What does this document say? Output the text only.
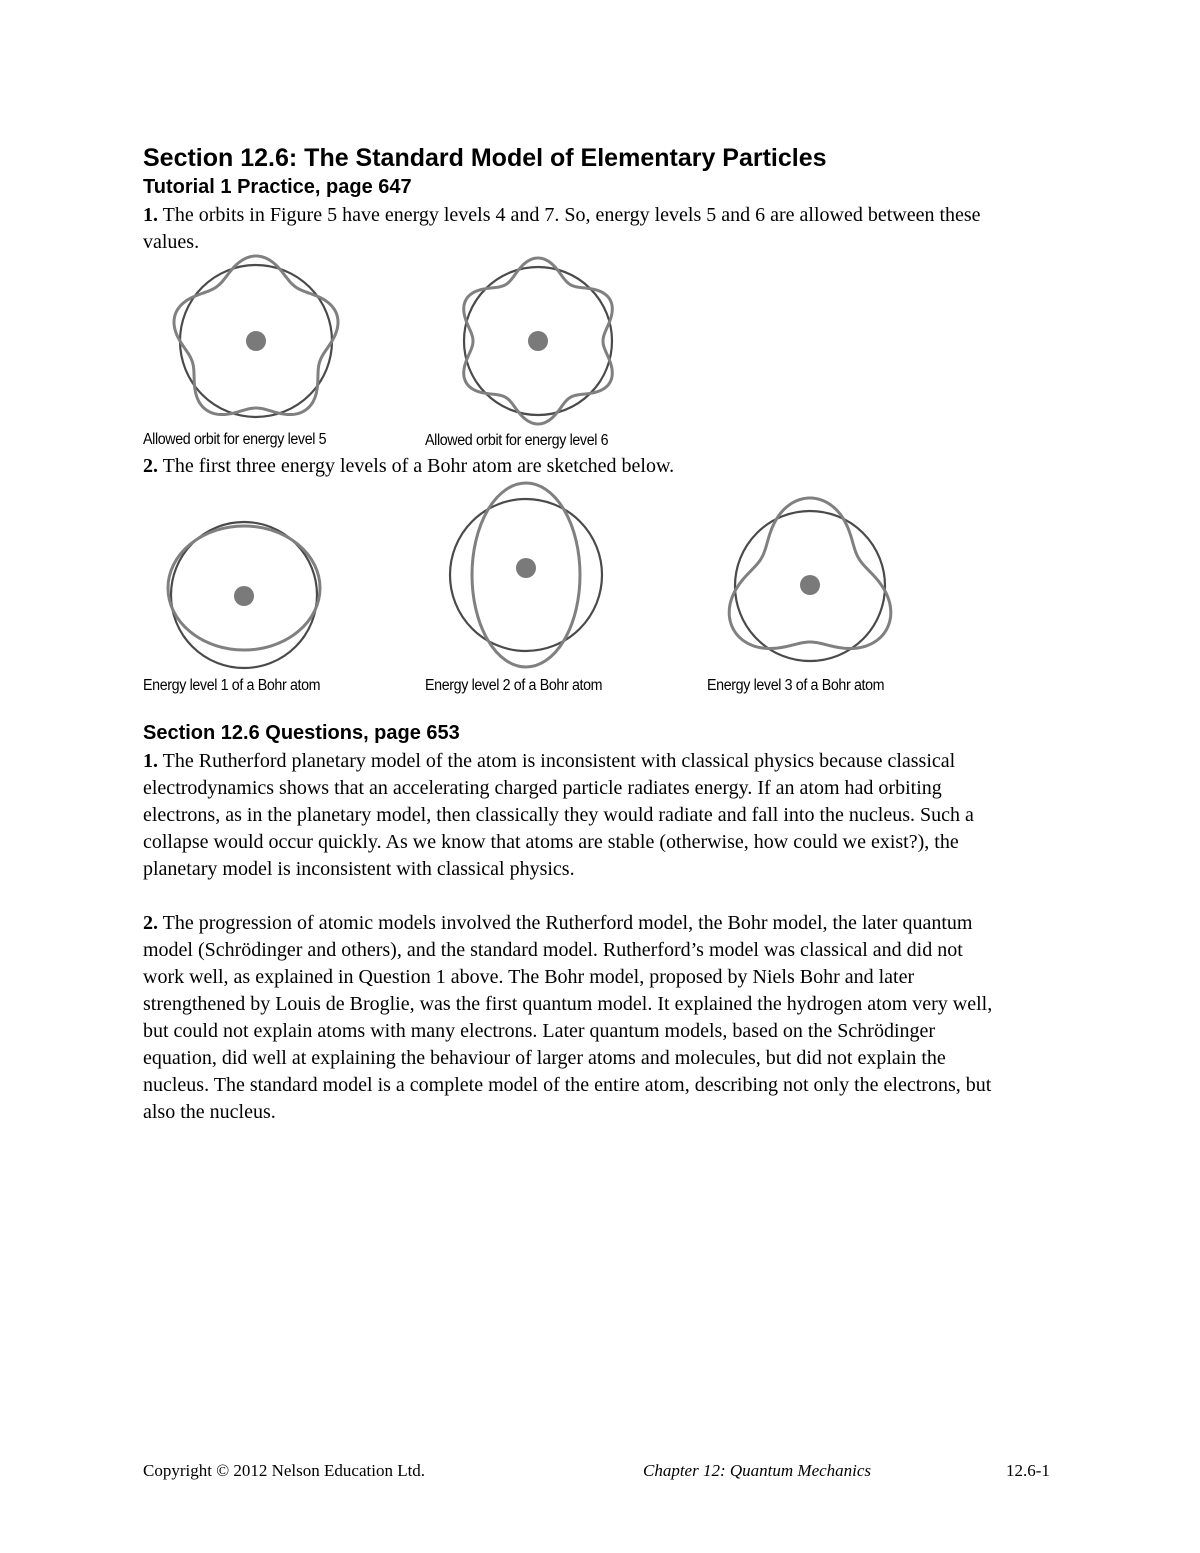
Section 12.6: The Standard Model of Elementary Particles
Tutorial 1 Practice, page 647

1. The orbits in Figure 5 have energy levels 4 and 7. So, energy levels 5 and 6 are allowed between these values.

Allowed orbit for energy level 5	Allowed orbit for energy level 6

2. The first three energy levels of a Bohr atom are sketched below.

Energy level 1 of a Bohr atom	Energy level 2 of a Bohr atom	Energy level 3 of a Bohr atom
Section 12.6 Questions, page 653

1. The Rutherford planetary model of the atom is inconsistent with classical physics because classical electrodynamics shows that an accelerating charged particle radiates energy. If an atom had orbiting electrons, as in the planetary model, then classically they would radiate and fall into the nucleus. Such a collapse would occur quickly. As we know that atoms are stable (otherwise, how could we exist?), the planetary model is inconsistent with classical physics.

2. The progression of atomic models involved the Rutherford model, the Bohr model, the later quantum model (Schrödinger and others), and the standard model. Rutherford’s model was classical and did not work well, as explained in Question 1 above. The Bohr model, proposed by Niels Bohr and later strengthened by Louis de Broglie, was the first quantum model. It explained the hydrogen atom very well, but could not explain atoms with many electrons. Later quantum models, based on the Schrödinger equation, did well at explaining the behaviour of larger atoms and molecules, but did not explain the nucleus. The standard model is a complete model of the entire atom, describing not only the electrons, but also the nucleus.

Copyright © 2012 Nelson Education Ltd.	Chapter 12: Quantum Mechanics	12.6-1
